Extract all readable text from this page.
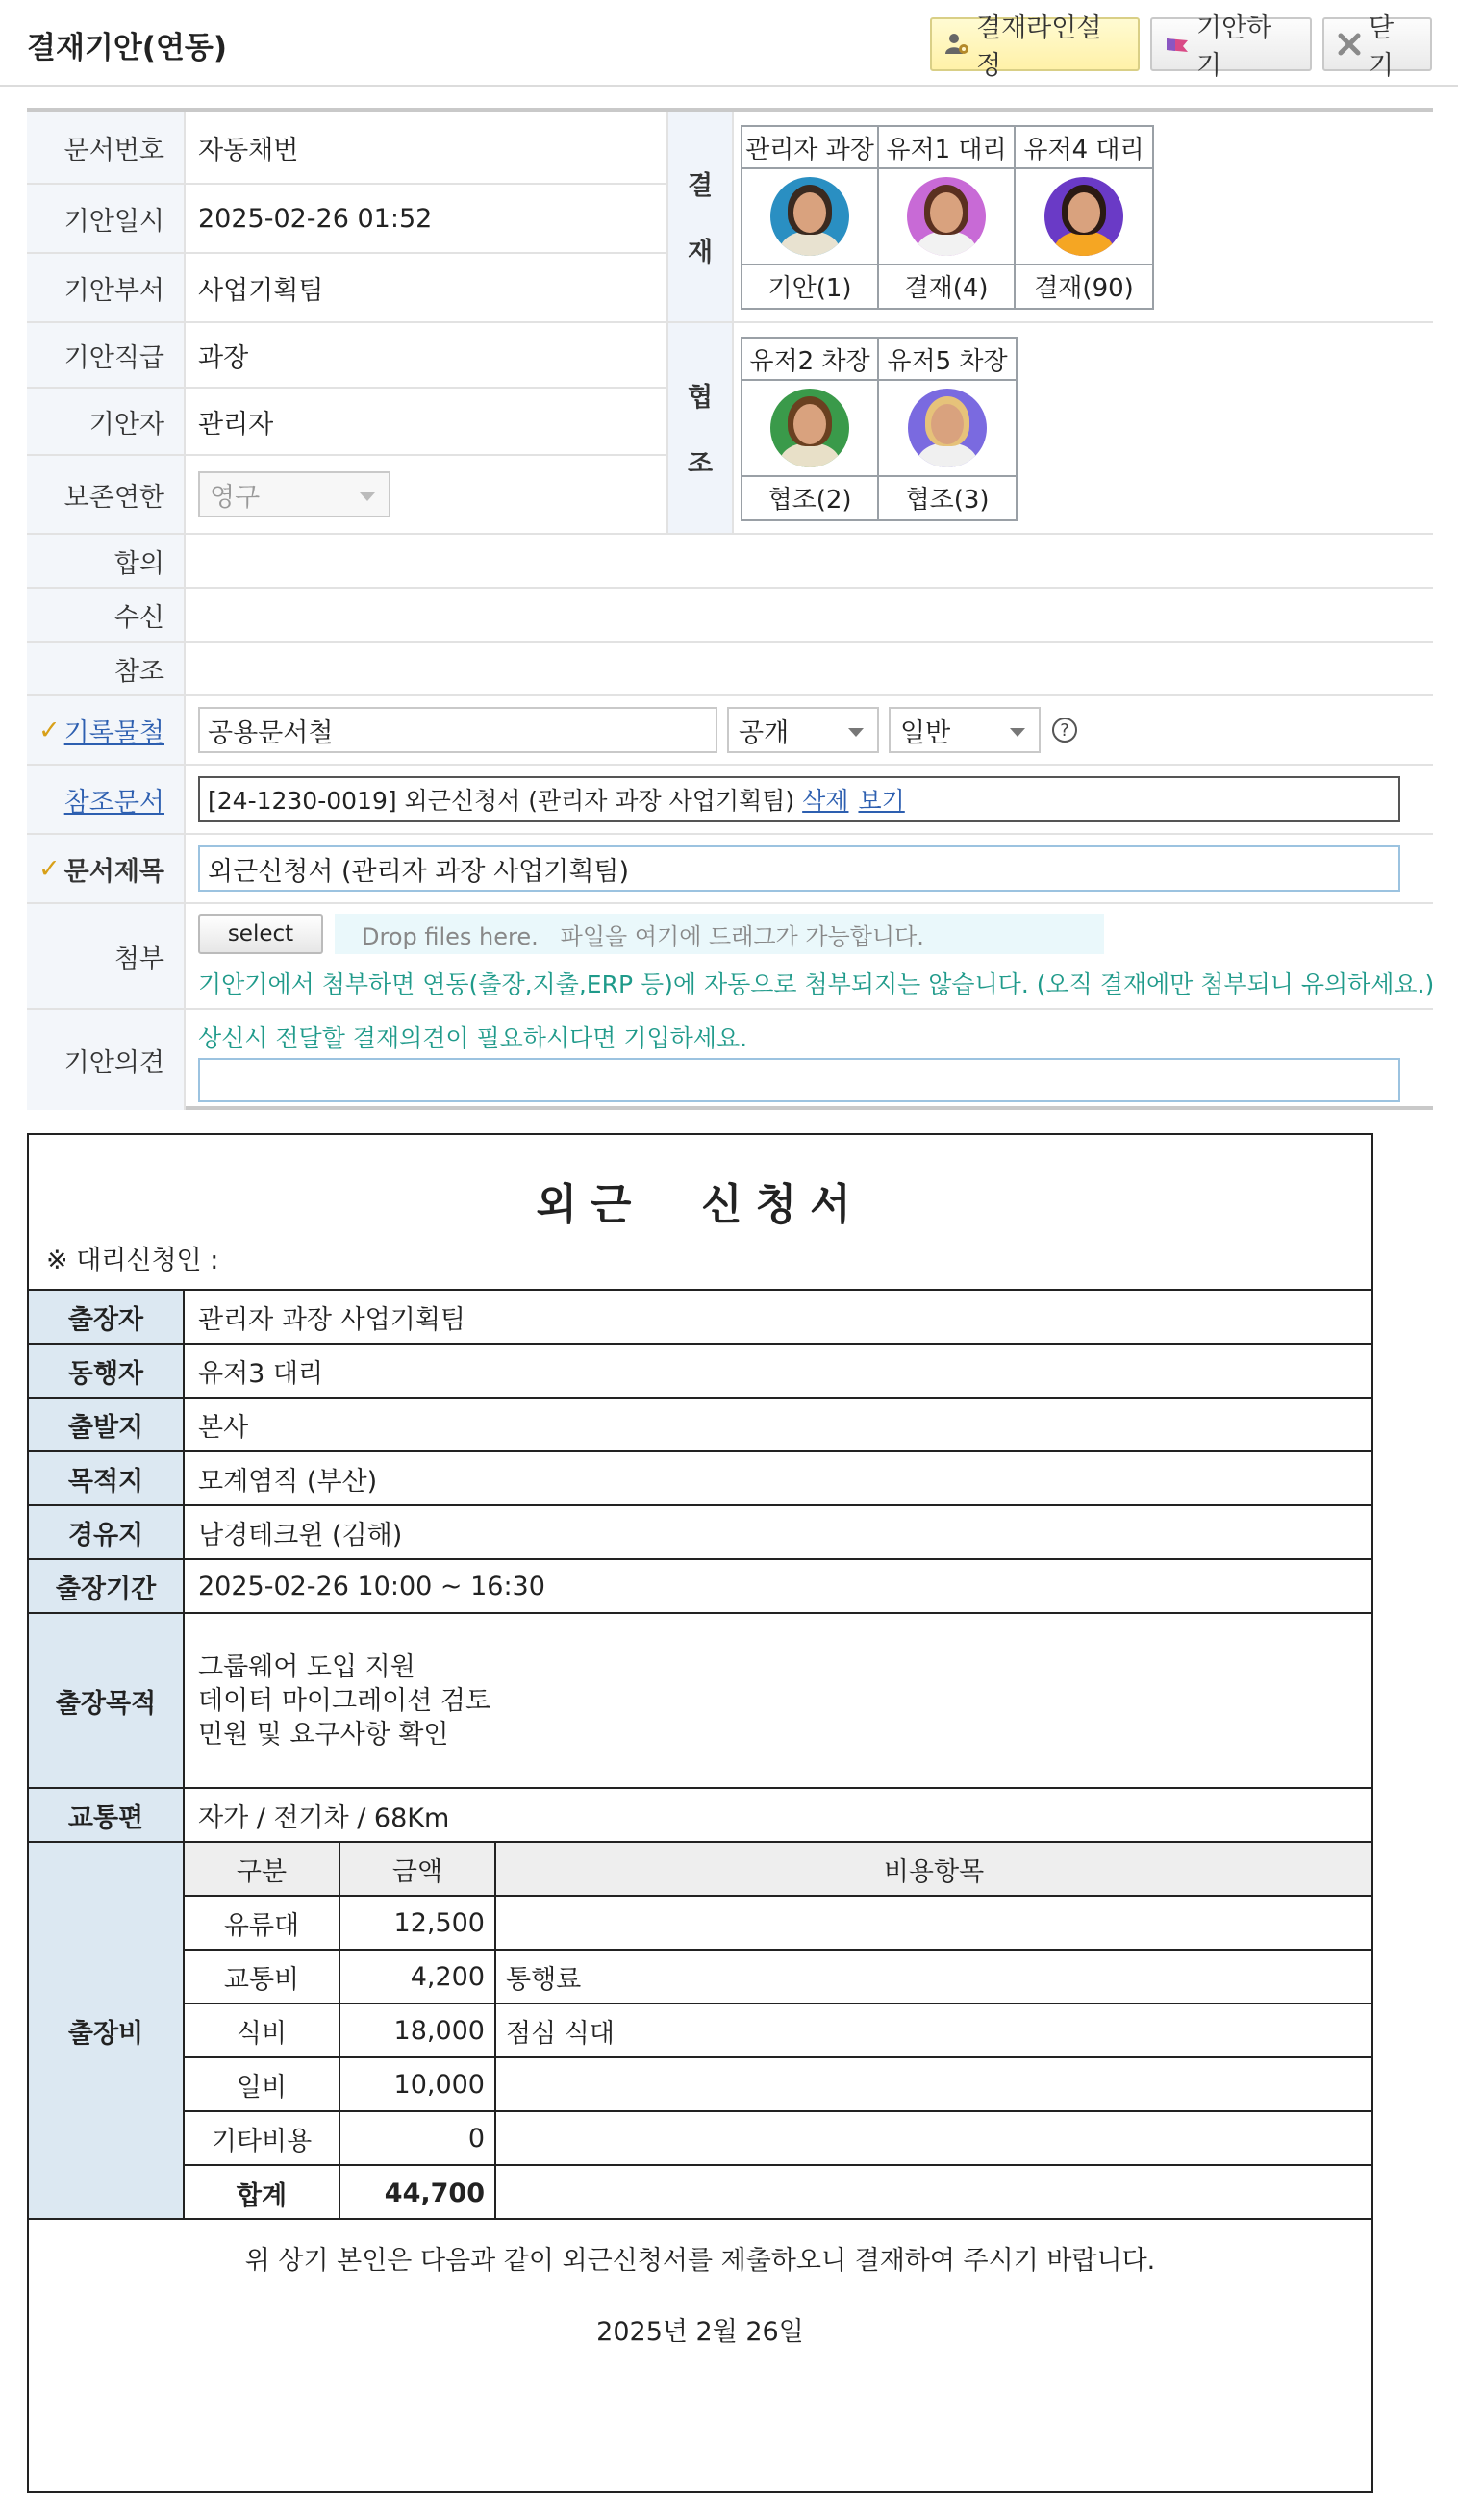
결재기안(연동)
결재라인설정
기안하기
닫기
문서번호	자동채번
기안일시	2025-02-26 01:52
기안부서	사업기획팀
결
재
관리자 과장
기안(1)
유저1 대리
결재(4)
유저4 대리
결재(90)
기안직급	과장
기안자	관리자
보존연한	영구
협
조
유저2 차장
협조(2)
유저5 차장
협조(3)
합의
수신
참조
✓ 기록물철 공용문서철	공개	일반	?
참조문서 [24-1230-0019] 외근신청서 (관리자 과장 사업기획팀) 삭제 보기
✓ 문서제목 외근신청서 (관리자 과장 사업기획팀)
첨부
select	Drop files here.   파일을 여기에 드래그가 가능합니다.
기안기에서 첨부하면 연동(출장,지출,ERP 등)에 자동으로 첨부되지는 않습니다. (오직 결재에만 첨부되니 유의하세요.)
기안의견
상신시 전달할 결재의견이 필요하시다면 기입하세요.
외근  신청서
※ 대리신청인 :
출장자	관리자 과장 사업기획팀
동행자	유저3 대리
출발지	본사
목적지	모계염직 (부산)
경유지	남경테크윈 (김해)
출장기간	2025-02-26 10:00 ~ 16:30
출장목적
그룹웨어 도입 지원
데이터 마이그레이션 검토
민원 및 요구사항 확인
교통편	자가 / 전기차 / 68Km
출장비
구분	금액	비용항목
유류대	12,500
교통비	4,200 통행료
식비	18,000 점심 식대
일비	10,000
기타비용	0
합계	44,700
위 상기 본인은 다음과 같이 외근신청서를 제출하오니 결재하여 주시기 바랍니다.
2025년 2월 26일
